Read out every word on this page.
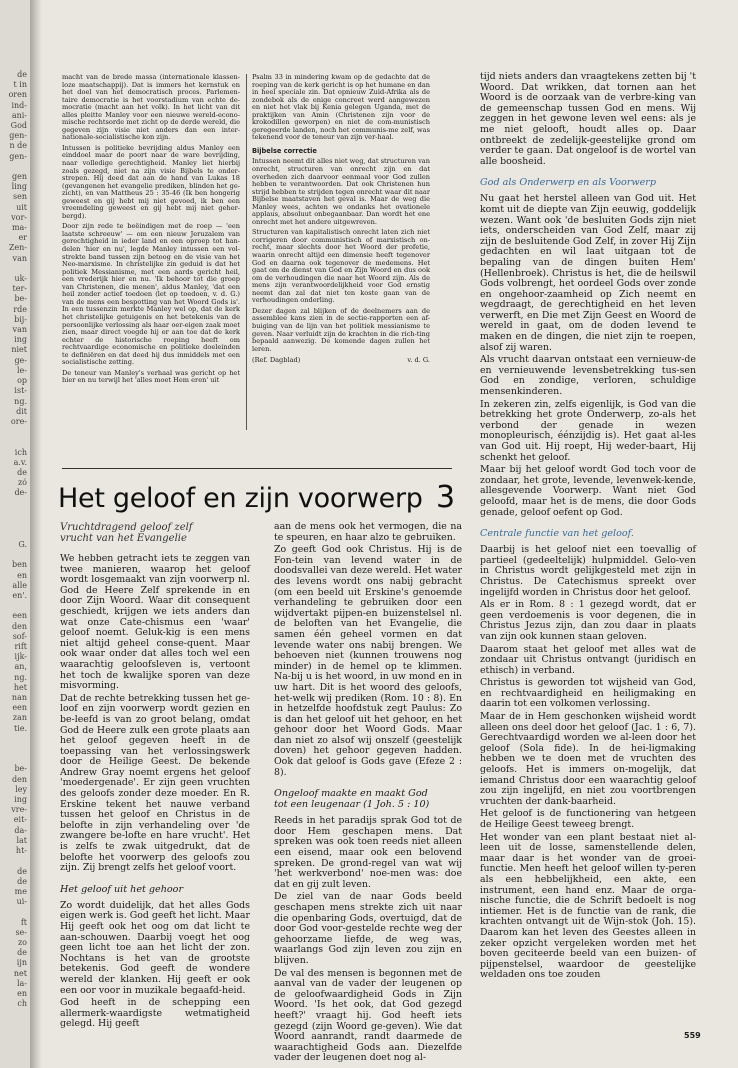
de
t in
oren
ind-
ani-
God
gen-
n de
gen-

gen
ling
sen
uit
vor-
ma-
er
Zen-
van

uk-
ter-
be-
rde
bij-
van
ing
niet
ge-
le-
op
ist-
ng.
dit
ore-

ich
a.v.
de
zó
de-
G.

ben
en
alle
en'.

een
den
sof-
rift
ijk-
an,
ng.
het
nan
een
zan
tie.

be-
den
ley
ing
vre-
eit-
da-
lat
ht-

de
de
me
ui-

ft
se-
zo
de
ijn
net
la-
en
ch

macht van de brede massa (internationale klassen-loze maatschappij). Dat is immers het kernstuk en het doel van het democratisch proces. Parlemen-taire democratie is het voorstadium van echte de-mocratie (macht aan het volk). In het licht van dit alles pleitte Manley voor een nieuwe wereld-econo-mische rechtsorde met zicht op de derde wereld, die gegeven zijn visie niet anders dan een inter-nationale-socialistische kon zijn.

Intussen is politieke bevrijding aldus Manley een einddoel maar de poort naar de ware bevrijding, naar volledige gerechtigheid. Manley liet hierbij zoals gezegd, niet na zijn visie Bijbels te onder-strepen. Hij deed dat aan de hand van Lukas 18 (gevangenen het evangelie prediken, blinden het ge-zicht), en van Mattheus 25 : 35-46 (Ik ben hongerig geweest en gij hebt mij niet gevoed, ik ben een vreemdeling geweest en gij hebt mij niet geher-bergd).

Door zijn rede te beëindigen met de roep — 'een laatste schreeuw' — om een nieuw Jeruzalem van gerechtigheid in ieder land en een oproep tot han-delen 'hier en nu', legde Manley intussen een vol-strekte band tussen zijn betoog en de visie van het Neo-marxisme. In christelijke zin geduid is dat het politiek Messianisme, met een aards gericht heil, een vrederijk hier en nu. 'Ik behoor tot die groep van Christenen, die menen', aldus Manley, 'dat een heil zonder actief toedoen (let op toedoen, v. d. G.) van de mens een bespotting van het Woord Gods is'. In een tussenzin merkte Manley wel op, dat de kerk het christelijke getuigenis en het betekenis van de persoonlijke verlossing als haar oer-eigen zaak moet zien, maar direct voegde hij er aan toe dat de kerk echter de historische roeping heeft om rechtvaardige economische en politieke doeleinden te definiëren en dat deed hij dus inmiddels met een socialistische zetting.

De teneur van Manley's verhaal was gericht op het hier en nu terwijl het 'alles moet Hem eren' uit

Psalm 33 in mindering kwam op de gedachte dat de roeping van de kerk gericht is op het humane en dan in heel speciale zin. Dat opnieuw Zuid-Afrika als de zondebok als de enige concreet werd aangewezen en niet het vlak bij Kenia gelegen Uganda, met de praktijken van Amin (Christenen zijn voor de krokodillen geworpen) en niet de com-munistisch geregeerde landen, noch het communis-me zelf, was tekenend voor de teneur van zijn ver-haal.

Bijbelse correctie

Intussen neemt dit alles niet weg, dat structuren van onrecht, structuren van onrecht zijn en dat overheden zich daarvoor eenmaal voor God zullen hebben te verantwoorden. Dat ook Christenen hun strijd hebben te strijden tegen onrecht waar dit naar Bijbelse maatstaven het geval is. Maar de weg die Manley wees, achten we ondanks het ovationele applaus, absoluut onbegaanbaar. Dan wordt het ene onrecht met het andere uitgewreven.

Structuren van kapitalistisch onrecht laten zich niet corrigeren door communistisch of marxistisch on-recht, maar slechts door het Woord der profetie, waarin onrecht altijd een dimensie heeft tegenover God en daarna ook tegenover de medemens. Het gaat om de dienst van God en Zijn Woord en dus ook om de verhoudingen die naar het Woord zijn. Als de mens zijn verantwoordelijkheid voor God ernstig neemt dan zal dat niet ten koste gaan van de verhoudingen onderling.

Dezer dagen zal blijken of de deelnemers aan de assemblee kans zien in de sectie-rapporten een af-buiging van de lijn van het politiek messianisme te geven. Naar verluidt zijn de krachten in die rich-ting bepaald aanwezig. De komende dagen zullen het leren.

(Ref. Dagblad)	v. d. G.
Het geloof en zijn voorwerp 3
Vruchtdragend geloof zelf
vrucht van het Evangelie

We hebben getracht iets te zeggen van twee manieren, waarop het geloof wordt losgemaakt van zijn voorwerp nl. God de Heere Zelf sprekende in en door Zijn Woord. Waar dit consequent geschiedt, krijgen we iets anders dan wat onze Cate-chismus een 'waar' geloof noemt. Geluk-kig is een mens niet altijd geheel conse-quent. Maar ook waar onder dat alles toch wel een waarachtig geloofsleven is, vertoont het toch de kwalijke sporen van deze misvorming.

Dat de rechte betrekking tussen het ge-loof en zijn voorwerp wordt gezien en be-leefd is van zo groot belang, omdat God de Heere zulk een grote plaats aan het geloof gegeven heeft in de toepassing van het verlossingswerk door de Heilige Geest. De bekende Andrew Gray noemt ergens het geloof 'moedergenade'. Er zijn geen vruchten des geloofs zonder deze moeder. En R. Erskine tekent het nauwe verband tussen het geloof en Christus in de belofte in zijn verhandeling over 'de zwangere be-lofte en hare vrucht'. Het is zelfs te zwak uitgedrukt, dat de belofte het voorwerp des geloofs zou zijn. Zij brengt zelfs het geloof voort.

Het geloof uit het gehoor

Zo wordt duidelijk, dat het alles Gods eigen werk is. God geeft het licht. Maar Hij geeft ook het oog om dat licht te aan-schouwen. Daarbij voegt het oog geen licht toe aan het licht der zon. Nochtans is het van de grootste betekenis. God geeft de wondere wereld der klanken. Hij geeft er ook een oor voor in muzikale begaafd-heid.

God heeft in de schepping een allermerk-waardigste wetmatigheid gelegd. Hij geeft

aan de mens ook het vermogen, die na te speuren, en haar alzo te gebruiken.

Zo geeft God ook Christus. Hij is de Fon-tein van levend water in de doodsvallei van deze wereld. Het water des levens wordt ons nabij gebracht (om een beeld uit Erskine's genoemde verhandeling te gebruiken door een wijdvertakt pijpen-en buizenstelsel nl. de beloften van het Evangelie, die samen één geheel vormen en dat levende water ons nabij brengen. We behoeven niet (kunnen trouwens nog minder) in de hemel op te klimmen. Na-bij u is het woord, in uw mond en in uw hart. Dit is het woord des geloofs, het-welk wij prediken (Rom. 10 : 8). En in hetzelfde hoofdstuk zegt Paulus: Zo is dan het geloof uit het gehoor, en het gehoor door het Woord Gods. Maar dan niet zo alsof wij onszelf (geestelijk doven) het gehoor gegeven hadden. Ook dat geloof is Gods gave (Efeze 2 : 8).

Ongeloof maakte en maakt God
tot een leugenaar (1 Joh. 5 : 10)

Reeds in het paradijs sprak God tot de door Hem geschapen mens. Dat spreken was ook toen reeds niet alleen een eisend, maar ook een belovend spreken. De grond-regel van wat wij 'het werkverbond' noe-men was: doe dat en gij zult leven.

De ziel van de naar Gods beeld geschapen mens strekte zich uit naar die openbaring Gods, overtuigd, dat de door God voor-gestelde rechte weg der gehoorzame liefde, de weg was, waarlangs God zijn leven zou zijn en blijven.

De val des mensen is begonnen met de aanval van de vader der leugenen op de geloofwaardigheid Gods in Zijn Woord. 'Is het ook, dat God gezegd heeft?' vraagt hij. God heeft iets gezegd (zijn Woord ge-geven). Wie dat Woord aanrandt, randt daarmede de waarachtigheid Gods aan. Diezelfde vader der leugenen doet nog al-

tijd niets anders dan vraagtekens zetten bij 't Woord. Dat wrikken, dat tornen aan het Woord is de oorzaak van de verbre-king van de gemeenschap tussen God en mens. Wij zeggen in het gewone leven wel eens: als je me niet gelooft, houdt alles op. Daar ontbreekt de zedelijk-geestelijke grond om verder te gaan. Dat ongeloof is de wortel van alle boosheid.

God als Onderwerp en als Voorwerp

Nu gaat het herstel alleen van God uit. Het komt uit de diepte van Zijn eeuwig, goddelijk wezen. Want ook 'de besluiten Gods zijn niet iets, onderscheiden van God Zelf, maar zij zijn de besluitende God Zelf, in zover Hij Zijn gedachten en wil laat uitgaan tot de bepaling van de dingen buiten Hem' (Hellenbroek). Christus is het, die de heilswil Gods volbrengt, het oordeel Gods over zonde en ongehoor-zaamheid op Zich neemt en wegdraagt, de gerechtigheid en het leven verwerft, en Die met Zijn Geest en Woord de wereld in gaat, om de doden levend te maken en de dingen, die niet zijn te roepen, alsof zij waren.

Als vrucht daarvan ontstaat een vernieuw-de en vernieuwende levensbetrekking tus-sen God en zondige, verloren, schuldige mensenkinderen.

In zekeren zin, zelfs eigenlijk, is God van die betrekking het grote Onderwerp, zo-als het verbond der genade in wezen monopleurisch, éénzijdig is). Het gaat al-les van God uit. Hij roept, Hij weder-baart, Hij schenkt het geloof.

Maar bij het geloof wordt God toch voor de zondaar, het grote, levende, levenwek-kende, allesgevende Voorwerp. Want niet God geloofd, maar het is de mens, die door Gods genade, geloof oefent op God.

Centrale functie van het geloof.

Daarbij is het geloof niet een toevallig of partieel (gedeeltelijk) hulpmiddel. Gelo-ven in Christus wordt gelijkgesteld met zijn in Christus. De Catechismus spreekt over ingelijfd worden in Christus door het geloof.

Als er in Rom. 8 : 1 gezegd wordt, dat er geen verdoemenis is voor degenen, die in Christus Jezus zijn, dan zou daar in plaats van zijn ook kunnen staan geloven.

Daarom staat het geloof met alles wat de zondaar uit Christus ontvangt (juridisch en ethisch) in verband.

Christus is geworden tot wijsheid van God, en rechtvaardigheid en heiligmaking en daarin tot een volkomen verlossing.

Maar de in Hem geschonken wijsheid wordt alleen ons deel door het geloof (Jac. 1 : 6, 7). Gerechtvaardigd worden we al-leen door het geloof (Sola fide). In de hei-ligmaking hebben we te doen met de vruchten des geloofs. Het is immers on-mogelijk, dat iemand Christus door een waarachtig geloof zou zijn ingelijfd, en niet zou voortbrengen vruchten der dank-baarheid.

Het geloof is de functionering van hetgeen de Heilige Geest teweeg brengt.

Het wonder van een plant bestaat niet al-leen uit de losse, samenstellende delen, maar daar is het wonder van de groei-functie. Men heeft het geloof willen ty-peren als een hebbelijkheid, een akte, een instrument, een hand enz. Maar de orga-nische functie, die de Schrift bedoelt is nog intiemer. Het is de functie van de rank, die krachten ontvangt uit de Wijn-stok (Joh. 15). Daarom kan het leven des Geestes alleen in zeker opzicht vergeleken worden met het boven geciteerde beeld van een buizen- of pijpenstelsel, waardoor de geestelijke weldaden ons toe zouden

559
